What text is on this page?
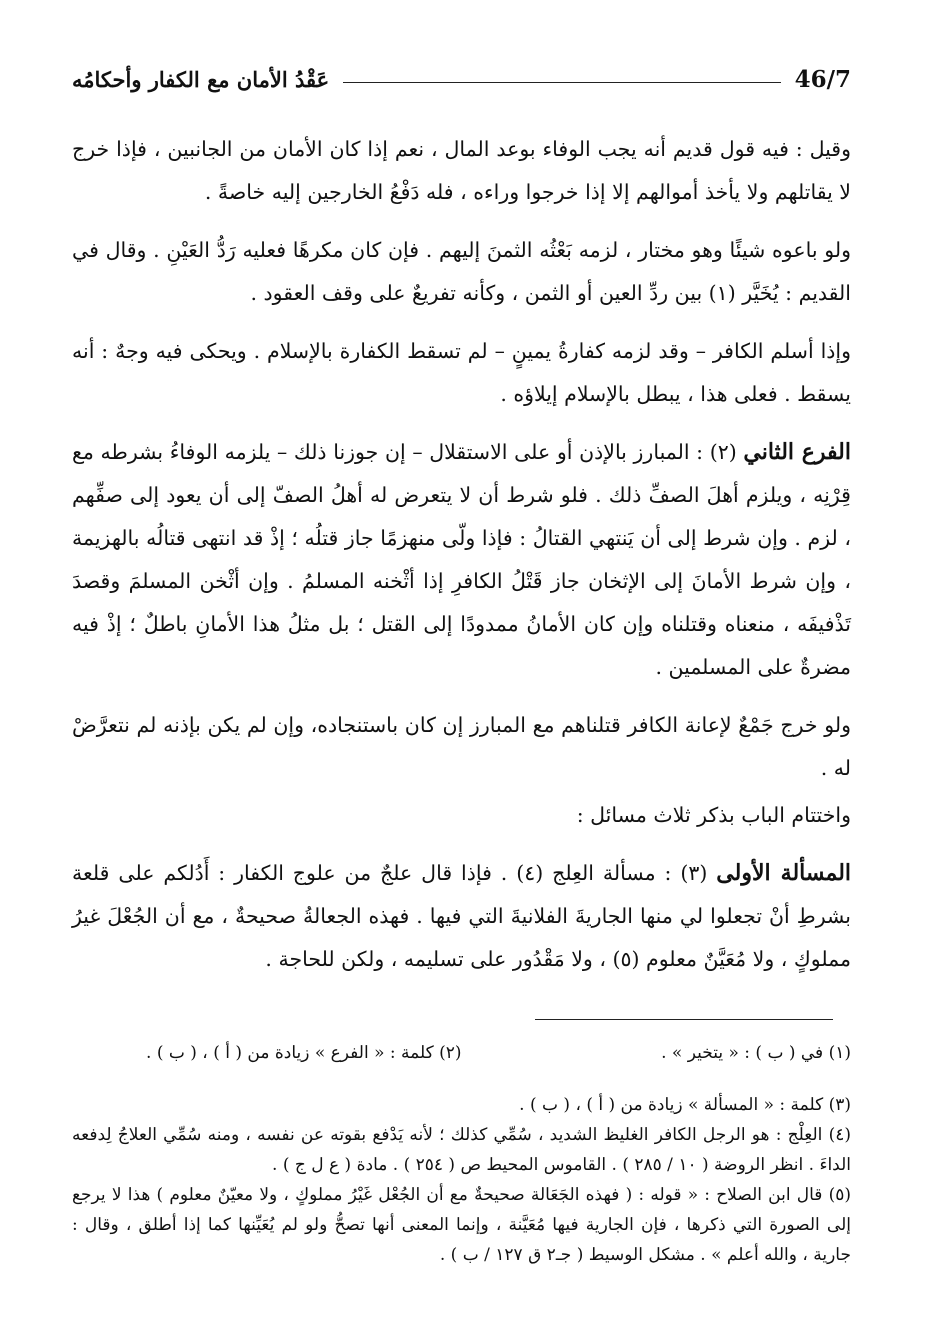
46/7
عَقْدُ الأمان مع الكفار وأحكامُه

وقيل : فيه قول قديم أنه يجب الوفاء بوعد المال ، نعم إذا كان الأمان من الجانبين ، فإذا خرج لا يقاتلهم ولا يأخذ أموالهم إلا إذا خرجوا وراءه ، فله دَفْعُ الخارجين إليه خاصةً .

ولو باعوه شيئًا وهو مختار ، لزمه بَعْثُه الثمنَ إليهم . فإن كان مكرهًا فعليه رَدُّ العَيْنِ . وقال في القديم : يُخَيَّر (١) بين ردِّ العين أو الثمن ، وكأنه تفريعٌ على وقف العقود .

وإذا أسلم الكافر – وقد لزمه كفارةُ يمينٍ – لم تسقط الكفارة بالإسلام . ويحكى فيه وجهٌ : أنه يسقط . فعلى هذا ، يبطل بالإسلام إيلاؤه .

الفرع الثاني (٢) : المبارز بالإذن أو على الاستقلال – إن جوزنا ذلك – يلزمه الوفاءُ بشرطه مع قِرْنِه ، ويلزم أهلَ الصفِّ ذلك . فلو شرط أن لا يتعرض له أهلُ الصفّ إلى أن يعود إلى صفِّهم ، لزم . وإن شرط إلى أن يَنتهي القتالُ : فإذا ولّى منهزمًا جاز قتلُه ؛ إذْ قد انتهى قتالُه بالهزيمة ، وإن شرط الأمانَ إلى الإثخان جاز قَتْلُ الكافرِ إذا أثْخنه المسلمُ . وإن أثْخن المسلمَ وقصدَ تَذْفيفَه ، منعناه وقتلناه وإن كان الأمانُ ممدودًا إلى القتل ؛ بل مثلُ هذا الأمانِ باطلٌ ؛ إذْ فيه مضرةٌ على المسلمين .

ولو خرج جَمْعٌ لإعانة الكافر قتلناهم مع المبارز إن كان باستنجاده، وإن لم يكن بإذنه لم نتعرَّضْ له .

واختتام الباب بذكر ثلاث مسائل :

المسألة الأولى (٣) : مسألة العِلج (٤) . فإذا قال علجٌ من علوج الكفار : أَدُلكم على قلعة بشرطِ أنْ تجعلوا لي منها الجاريةَ الفلانيةَ التي فيها . فهذه الجعالةُ صحيحةٌ ، مع أن الجُعْلَ غيرُ مملوكٍ ، ولا مُعَيَّنٌ معلوم (٥) ، ولا مَقْدُور على تسليمه ، ولكن للحاجة .

(١) في ( ب ) : « يتخير » .
(٢) كلمة : « الفرع » زيادة من ( أ ) ، ( ب ) .
(٣) كلمة : « المسألة » زيادة من ( أ ) ، ( ب ) .
(٤) العِلْج : هو الرجل الكافر الغليظ الشديد ، سُمِّي كذلك ؛ لأنه يَدْفع بقوته عن نفسه ، ومنه سُمِّي العلاجُ لِدفعه الداءَ . انظر الروضة ( ١٠ / ٢٨٥ ) . القاموس المحيط ص ( ٢٥٤ ) . مادة ( ع ل ج ) .
(٥) قال ابن الصلاح : « قوله : ( فهذه الجَعَالة صحيحةٌ مع أن الجُعْل غَيْرُ مملوكٍ ، ولا معيّنٌ معلوم ) هذا لا يرجع إلى الصورة التي ذكرها ، فإن الجارية فيها مُعَيَّنة ، وإنما المعنى أنها تصحُّ ولو لم يُعَيِّنها كما إذا أطلق ، وقال : جارية ، والله أعلم » . مشكل الوسيط ( جـ٢ ق ١٢٧ / ب ) .
